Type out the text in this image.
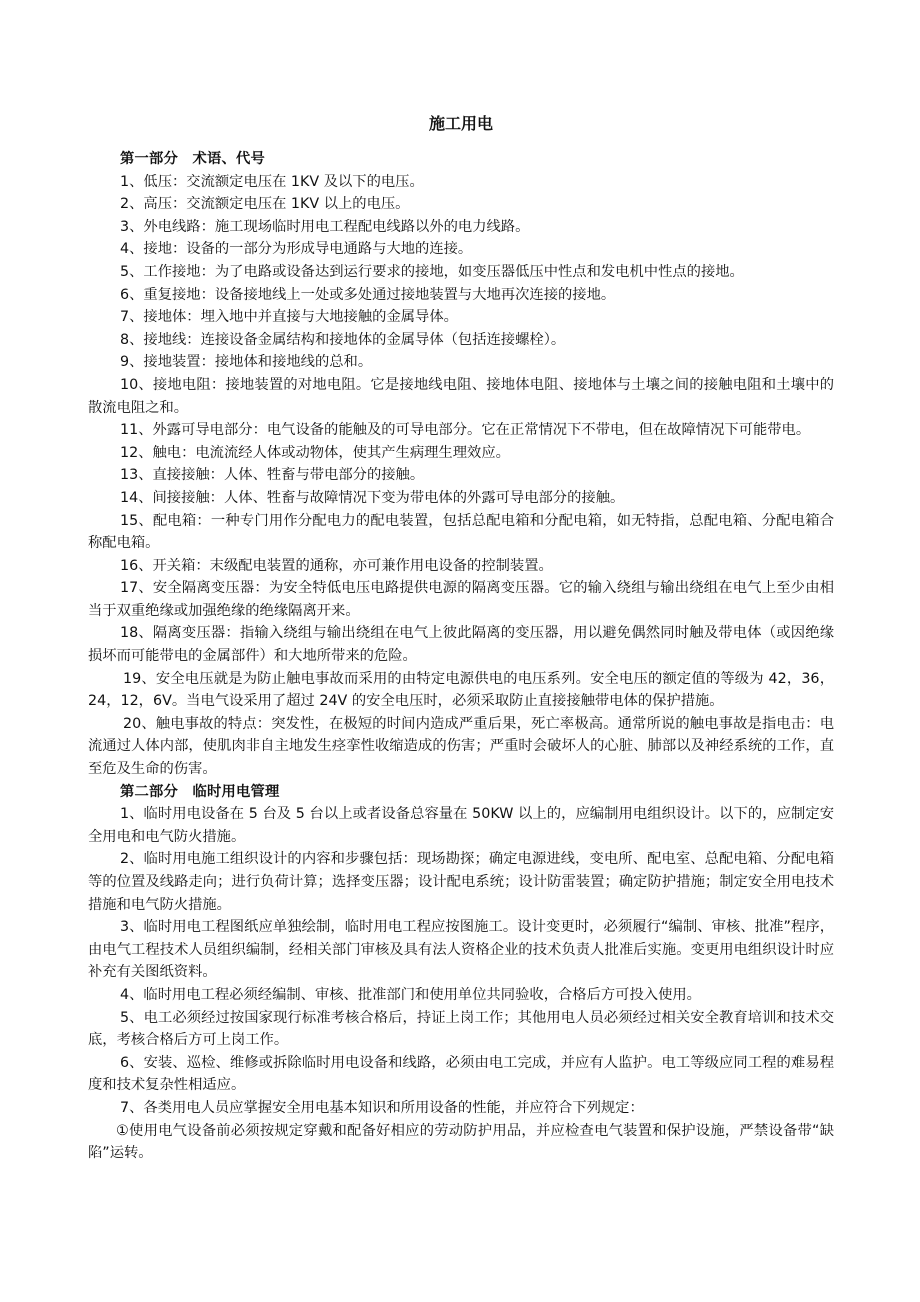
施工用电

第一部分　术语、代号

1、低压：交流额定电压在 1KV 及以下的电压。

2、高压：交流额定电压在 1KV 以上的电压。

3、外电线路：施工现场临时用电工程配电线路以外的电力线路。

4、接地：设备的一部分为形成导电通路与大地的连接。

5、工作接地：为了电路或设备达到运行要求的接地，如变压器低压中性点和发电机中性点的接地。

6、重复接地：设备接地线上一处或多处通过接地装置与大地再次连接的接地。

7、接地体：埋入地中并直接与大地接触的金属导体。

8、接地线：连接设备金属结构和接地体的金属导体（包括连接螺栓）。

9、接地装置：接地体和接地线的总和。

10、接地电阻：接地装置的对地电阻。它是接地线电阻、接地体电阻、接地体与土壤之间的接触电阻和土壤中的散流电阻之和。

11、外露可导电部分：电气设备的能触及的可导电部分。它在正常情况下不带电，但在故障情况下可能带电。

12、触电：电流流经人体或动物体，使其产生病理生理效应。

13、直接接触：人体、牲畜与带电部分的接触。

14、间接接触：人体、牲畜与故障情况下变为带电体的外露可导电部分的接触。

15、配电箱：一种专门用作分配电力的配电装置，包括总配电箱和分配电箱，如无特指，总配电箱、分配电箱合称配电箱。

16、开关箱：末级配电装置的通称，亦可兼作用电设备的控制装置。

17、安全隔离变压器：为安全特低电压电路提供电源的隔离变压器。它的输入绕组与输出绕组在电气上至少由相当于双重绝缘或加强绝缘的绝缘隔离开来。

18、隔离变压器：指输入绕组与输出绕组在电气上彼此隔离的变压器，用以避免偶然同时触及带电体（或因绝缘损坏而可能带电的金属部件）和大地所带来的危险。

19、安全电压就是为防止触电事故而采用的由特定电源供电的电压系列。安全电压的额定值的等级为 42，36，24，12，6V。当电气设采用了超过 24V 的安全电压时，必须采取防止直接接触带电体的保护措施。

20、触电事故的特点：突发性，在极短的时间内造成严重后果，死亡率极高。通常所说的触电事故是指电击：电流通过人体内部，使肌肉非自主地发生痉挛性收缩造成的伤害；严重时会破坏人的心脏、肺部以及神经系统的工作，直至危及生命的伤害。

第二部分　临时用电管理

1、临时用电设备在 5 台及 5 台以上或者设备总容量在 50KW 以上的，应编制用电组织设计。以下的，应制定安全用电和电气防火措施。

2、临时用电施工组织设计的内容和步骤包括：现场勘探；确定电源进线，变电所、配电室、总配电箱、分配电箱等的位置及线路走向；进行负荷计算；选择变压器；设计配电系统；设计防雷装置；确定防护措施；制定安全用电技术措施和电气防火措施。

3、临时用电工程图纸应单独绘制，临时用电工程应按图施工。设计变更时，必须履行“编制、审核、批准”程序，由电气工程技术人员组织编制，经相关部门审核及具有法人资格企业的技术负责人批准后实施。变更用电组织设计时应补充有关图纸资料。

4、临时用电工程必须经编制、审核、批准部门和使用单位共同验收，合格后方可投入使用。

5、电工必须经过按国家现行标准考核合格后，持证上岗工作；其他用电人员必须经过相关安全教育培训和技术交底，考核合格后方可上岗工作。

6、安装、巡检、维修或拆除临时用电设备和线路，必须由电工完成，并应有人监护。电工等级应同工程的难易程度和技术复杂性相适应。

7、各类用电人员应掌握安全用电基本知识和所用设备的性能，并应符合下列规定：

①使用电气设备前必须按规定穿戴和配备好相应的劳动防护用品，并应检查电气装置和保护设施，严禁设备带“缺陷”运转。
